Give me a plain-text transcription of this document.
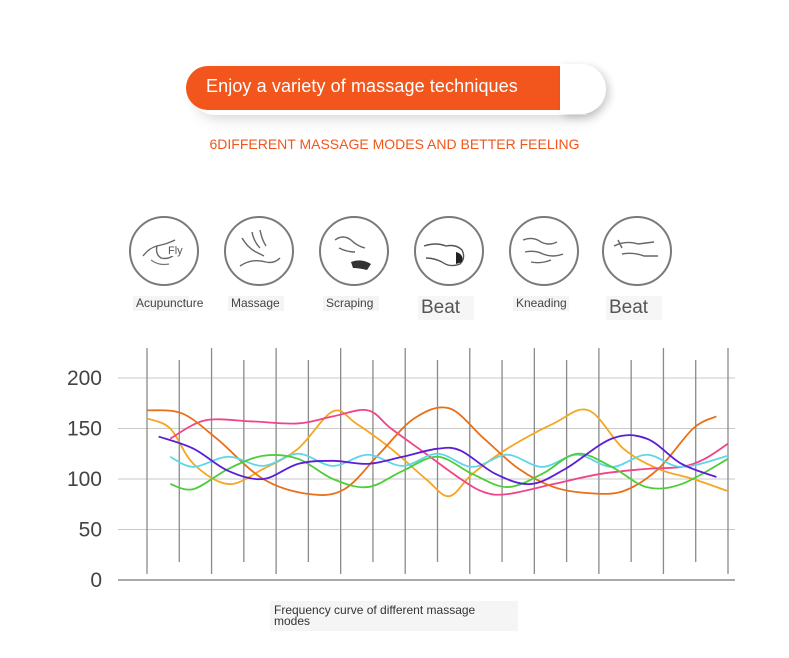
Enjoy a variety of massage techniques
6DIFFERENT MASSAGE MODES AND BETTER FEELING
Fly
Acupuncture Massage	Scraping	Beat	Kneading Beat
0
50
100
150
200
Frequency curve of different massage modes
